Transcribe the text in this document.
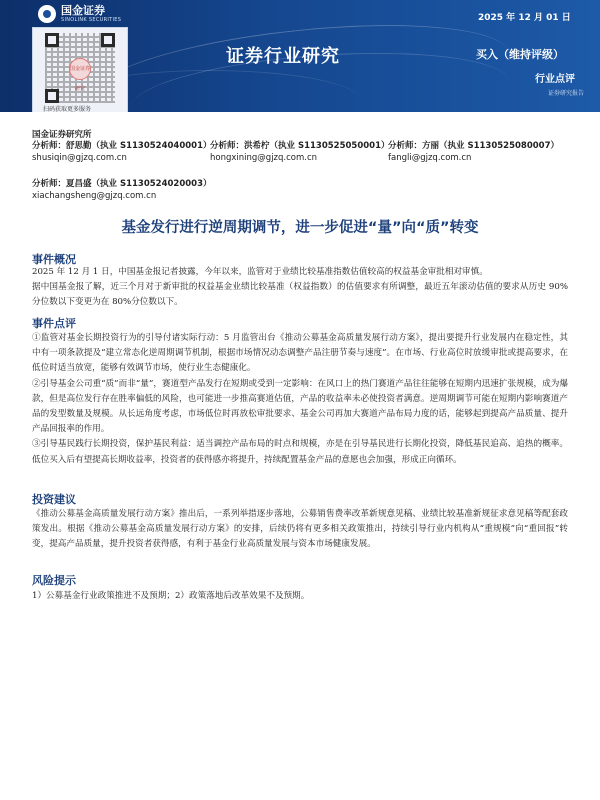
国金证券
SINOLINK SECURITIES	2025 年 12 月 01 日
证券行业研究	买入（维持评级）
行业点评
证券研究报告
国金证券研究
扫码获取更多服务
国金证券研究所
分析师：舒思勤（执业 S1130524040001）
shusiqin@gjzq.com.cn
分析师：洪希柠（执业 S1130525050001）
hongxining@gjzq.com.cn
分析师：方丽（执业 S1130525080007）
fangli@gjzq.com.cn
分析师：夏昌盛（执业 S1130524020003）
xiachangsheng@gjzq.com.cn
基金发行进行逆周期调节，进一步促进“量”向“质”转变
事件概况

2025 年 12 月 1 日，中国基金报记者披露，今年以来，监管对于业绩比较基准指数估值较高的权益基金审批相对审慎。

据中国基金报了解，近三个月对于新审批的权益基金业绩比较基准（权益指数）的估值要求有所调整，最近五年滚动估值的要求从历史 90%分位数以下变更为在 80%分位数以下。

事件点评

①监管对基金长期投资行为的引导付诸实际行动：5 月监管出台《推动公募基金高质量发展行动方案》，提出要提升行业发展内在稳定性，其中有一项条款提及“建立常态化逆周期调节机制，根据市场情况动态调整产品注册节奏与速度”。在市场、行业高位时放缓审批或提高要求，在低位时适当放宽，能够有效调节市场，使行业生态健康化。

②引导基金公司重“质”而非“量”，赛道型产品发行在短期或受到一定影响：在风口上的热门赛道产品往往能够在短期内迅速扩张规模，成为爆款，但是高位发行存在胜率偏低的风险，也可能进一步推高赛道估值，产品的收益率未必使投资者满意。逆周期调节可能在短期内影响赛道产品的发型数量及规模。从长远角度考虑，市场低位时再放松审批要求、基金公司再加大赛道产品布局力度的话，能够起到提高产品质量、提升产品回报率的作用。

③引导基民践行长期投资，保护基民利益：适当调控产品布局的时点和规模，亦是在引导基民进行长期化投资，降低基民追高、追热的概率。低位买入后有望提高长期收益率，投资者的获得感亦将提升，持续配置基金产品的意愿也会加强，形成正向循环。

投资建议

《推动公募基金高质量发展行动方案》推出后，一系列举措逐步落地，公募销售费率改革新规意见稿、业绩比较基准新规征求意见稿等配套政策发出。根据《推动公募基金高质量发展行动方案》的安排，后续仍将有更多相关政策推出，持续引导行业内机构从“重规模”向“重回报”转变，提高产品质量，提升投资者获得感，有利于基金行业高质量发展与资本市场健康发展。

风险提示

1）公募基金行业政策推进不及预期；2）政策落地后改革效果不及预期。
